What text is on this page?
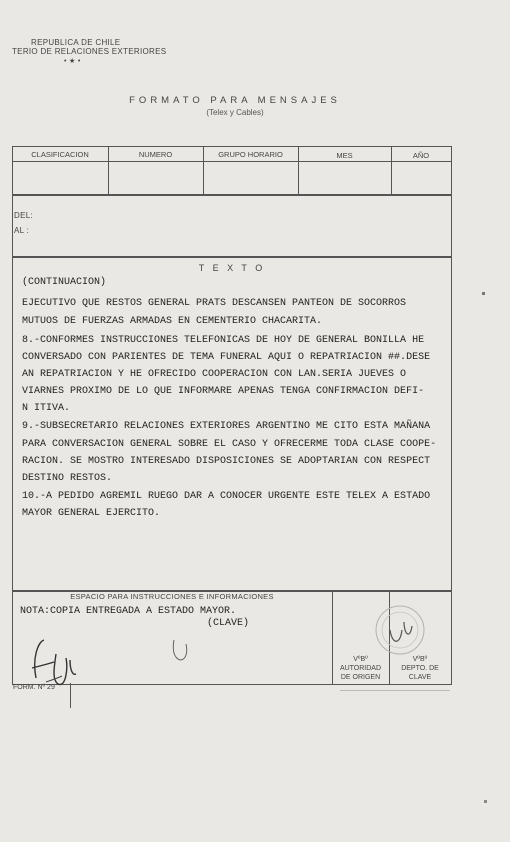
REPUBLICA DE CHILE
TERIO DE RELACIONES EXTERIORES
• ★ •
FORMATO PARA MENSAJES
(Telex y Cables)
CLASIFICACION	NUMERO	GRUPO HORARIO	MES	AÑO
DEL:
AL :
T E X T O
(CONTINUACION)
EJECUTIVO QUE RESTOS GENERAL PRATS DESCANSEN PANTEON DE SOCORROS
MUTUOS DE FUERZAS ARMADAS EN CEMENTERIO CHACARITA.
8.-CONFORMES INSTRUCCIONES TELEFONICAS DE HOY DE GENERAL BONILLA HE
CONVERSADO CON PARIENTES DE TEMA FUNERAL AQUI O REPATRIACION ##.DESE
AN REPATRIACION Y HE OFRECIDO COOPERACION CON LAN.SERIA JUEVES O
VIARNES PROXIMO DE LO QUE INFORMARE APENAS TENGA CONFIRMACION DEFI-
N ITIVA.
9.-SUBSECRETARIO RELACIONES EXTERIORES ARGENTINO ME CITO ESTA MAÑANA
PARA CONVERSACION GENERAL SOBRE EL CASO Y OFRECERME TODA CLASE COOPE-
RACION. SE MOSTRO INTERESADO DISPOSICIONES SE ADOPTARIAN CON RESPECT
DESTINO RESTOS.
10.-A PEDIDO AGREMIL RUEGO DAR A CONOCER URGENTE ESTE TELEX A ESTADO
MAYOR GENERAL EJERCITO.
ESPACIO PARA INSTRUCCIONES E INFORMACIONES
NOTA:COPIA ENTREGADA A ESTADO MAYOR.
(CLAVE)
VºBº
AUTORIDAD
DE ORIGEN
VºBº
DEPTO. DE
CLAVE
FORM. Nº 29
